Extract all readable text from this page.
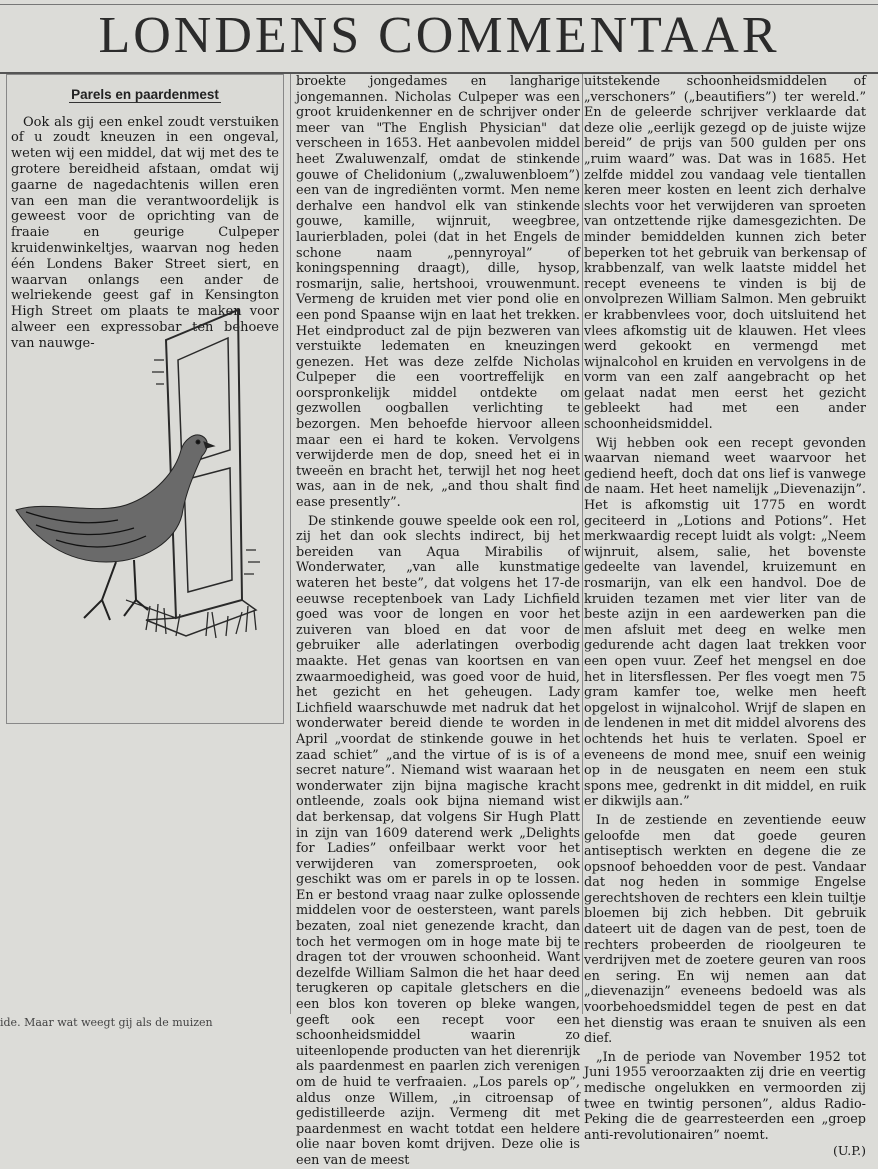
LONDENS COMMENTAAR
Parels en paardenmest

Ook als gij een enkel zoudt verstuiken of u zoudt kneuzen in een ongeval, weten wij een middel, dat wij met des te grotere bereidheid afstaan, omdat wij gaarne de nagedachtenis willen eren van een man die verantwoordelijk is geweest voor de oprichting van de fraaie en geurige Culpeper kruidenwinkeltjes, waarvan nog heden één Londens Baker Street siert, en waarvan onlangs een ander de welriekende geest gaf in Kensington High Street om plaats te maken voor alweer een expressobar ten behoeve van nauwge-

broekte jongedames en langharige jongemannen. Nicholas Culpeper was een groot kruidenkenner en de schrijver onder meer van "The English Physician" dat verscheen in 1653. Het aanbevolen middel heet Zwaluwenzalf, omdat de stinkende gouwe of Chelidonium („zwaluwenbloem”) een van de ingrediënten vormt. Men neme derhalve een handvol elk van stinkende gouwe, kamille, wijnruit, weegbree, laurierbladen, polei (dat in het Engels de schone naam „pennyroyal” of koningspenning draagt), dille, hysop, rosmarijn, salie, hertshooi, vrouwenmunt. Vermeng de kruiden met vier pond olie en een pond Spaanse wijn en laat het trekken. Het eindproduct zal de pijn bezweren van verstuikte ledematen en kneuzingen genezen. Het was deze zelfde Nicholas Culpeper die een voortreffelijk en oorspronkelijk middel ontdekte om gezwollen oogballen verlichting te bezorgen. Men behoefde hiervoor alleen maar een ei hard te koken. Vervolgens verwijderde men de dop, sneed het ei in tweeën en bracht het, terwijl het nog heet was, aan in de nek, „and thou shalt find ease presently”.

De stinkende gouwe speelde ook een rol, zij het dan ook slechts indirect, bij het bereiden van Aqua Mirabilis of Wonderwater, „van alle kunstmatige wateren het beste”, dat volgens het 17-de eeuwse receptenboek van Lady Lichfield goed was voor de longen en voor het zuiveren van bloed en dat voor de gebruiker alle aderlatingen overbodig maakte. Het genas van koortsen en van zwaarmoedigheid, was goed voor de huid, het gezicht en het geheugen. Lady Lichfield waarschuwde met nadruk dat het wonderwater bereid diende te worden in April „voordat de stinkende gouwe in het zaad schiet” „and the virtue of is is of a secret nature”. Niemand wist waaraan het wonderwater zijn bijna magische kracht ontleende, zoals ook bijna niemand wist dat berkensap, dat volgens Sir Hugh Platt in zijn van 1609 daterend werk „Delights for Ladies” onfeilbaar werkt voor het verwijderen van zomersproeten, ook geschikt was om er parels in op te lossen. En er bestond vraag naar zulke oplossende middelen voor de oestersteen, want parels bezaten, zoal niet genezende kracht, dan toch het vermogen om in hoge mate bij te dragen tot der vrouwen schoonheid. Want dezelfde William Salmon die het haar deed terugkeren op capitale gletschers en die een blos kon toveren op bleke wangen, geeft ook een recept voor een schoonheidsmiddel waarin zo uiteenlopende producten van het dierenrijk als paardenmest en paarlen zich verenigen om de huid te verfraaien. „Los parels op”, aldus onze Willem, „in citroensap of gedistilleerde azijn. Vermeng dit met paardenmest en wacht totdat een heldere olie naar boven komt drijven. Deze olie is een van de meest

uitstekende schoonheidsmiddelen of „verschoners” („beautifiers”) ter wereld.” En de geleerde schrijver verklaarde dat deze olie „eerlijk gezegd op de juiste wijze bereid” de prijs van 500 gulden per ons „ruim waard” was. Dat was in 1685. Het zelfde middel zou vandaag vele tientallen keren meer kosten en leent zich derhalve slechts voor het verwijderen van sproeten van ontzettende rijke damesgezichten. De minder bemiddelden kunnen zich beter beperken tot het gebruik van berkensap of krabbenzalf, van welk laatste middel het recept eveneens te vinden is bij de onvolprezen William Salmon. Men gebruikt er krabbenvlees voor, doch uitsluitend het vlees afkomstig uit de klauwen. Het vlees werd gekookt en vermengd met wijnalcohol en kruiden en vervolgens in de vorm van een zalf aangebracht op het gelaat nadat men eerst het gezicht gebleekt had met een ander schoonheidsmiddel.

Wij hebben ook een recept gevonden waarvan niemand weet waarvoor het gediend heeft, doch dat ons lief is vanwege de naam. Het heet namelijk „Dievenazijn”. Het is afkomstig uit 1775 en wordt geciteerd in „Lotions and Potions”. Het merkwaardig recept luidt als volgt: „Neem wijnruit, alsem, salie, het bovenste gedeelte van lavendel, kruizemunt en rosmarijn, van elk een handvol. Doe de kruiden tezamen met vier liter van de beste azijn in een aardewerken pan die men afsluit met deeg en welke men gedurende acht dagen laat trekken voor een open vuur. Zeef het mengsel en doe het in litersflessen. Per fles voegt men 75 gram kamfer toe, welke men heeft opgelost in wijnalcohol. Wrijf de slapen en de lendenen in met dit middel alvorens des ochtends het huis te verlaten. Spoel er eveneens de mond mee, snuif een weinig op in de neusgaten en neem een stuk spons mee, gedrenkt in dit middel, en ruik er dikwijls aan.”

In de zestiende en zeventiende eeuw geloofde men dat goede geuren antiseptisch werkten en degene die ze opsnoof behoedden voor de pest. Vandaar dat nog heden in sommige Engelse gerechtshoven de rechters een klein tuiltje bloemen bij zich hebben. Dit gebruik dateert uit de dagen van de pest, toen de rechters probeerden de rioolgeuren te verdrijven met de zoetere geuren van roos en sering. En wij nemen aan dat „dievenazijn” eveneens bedoeld was als voorbehoedsmiddel tegen de pest en dat het dienstig was eraan te snuiven als een dief.

„In de periode van November 1952 tot Juni 1955 veroorzaakten zij drie en veertig medische ongelukken en vermoorden zij twee en twintig personen”, aldus Radio-Peking die de gearresteerden een „groep anti-revolutionairen” noemt.

(U.P.)
ide. Maar wat weegt gij als de muizen
